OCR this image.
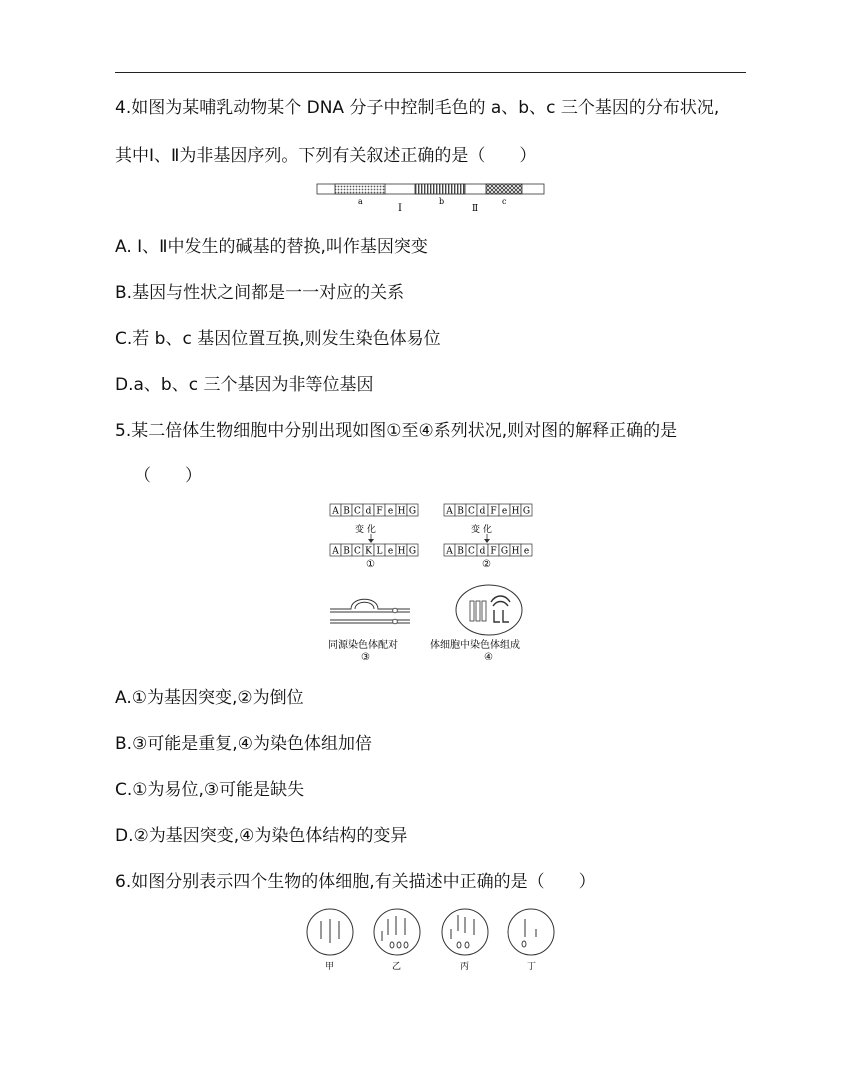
4.如图为某哺乳动物某个 DNA 分子中控制毛色的 a、b、c 三个基因的分布状况,
其中Ⅰ、Ⅱ为非基因序列。下列有关叙述正确的是（　　）
a
Ⅰ
b
Ⅱ
c
A. Ⅰ、Ⅱ中发生的碱基的替换,叫作基因突变
B.基因与性状之间都是一一对应的关系
C.若 b、c 基因位置互换,则发生染色体易位
D.a、b、c 三个基因为非等位基因
5.某二倍体生物细胞中分别出现如图①至④系列状况,则对图的解释正确的是
（　　）
A B C d F e H G
变 化
A B C K L e H G
①
A B C d F e H G
变 化
A B C d F G H e
②
同源染色体配对
③
体细胞中染色体组成
④
A.①为基因突变,②为倒位
B.③可能是重复,④为染色体组加倍
C.①为易位,③可能是缺失
D.②为基因突变,④为染色体结构的变异
6.如图分别表示四个生物的体细胞,有关描述中正确的是（　　）
甲	乙	丙	丁
